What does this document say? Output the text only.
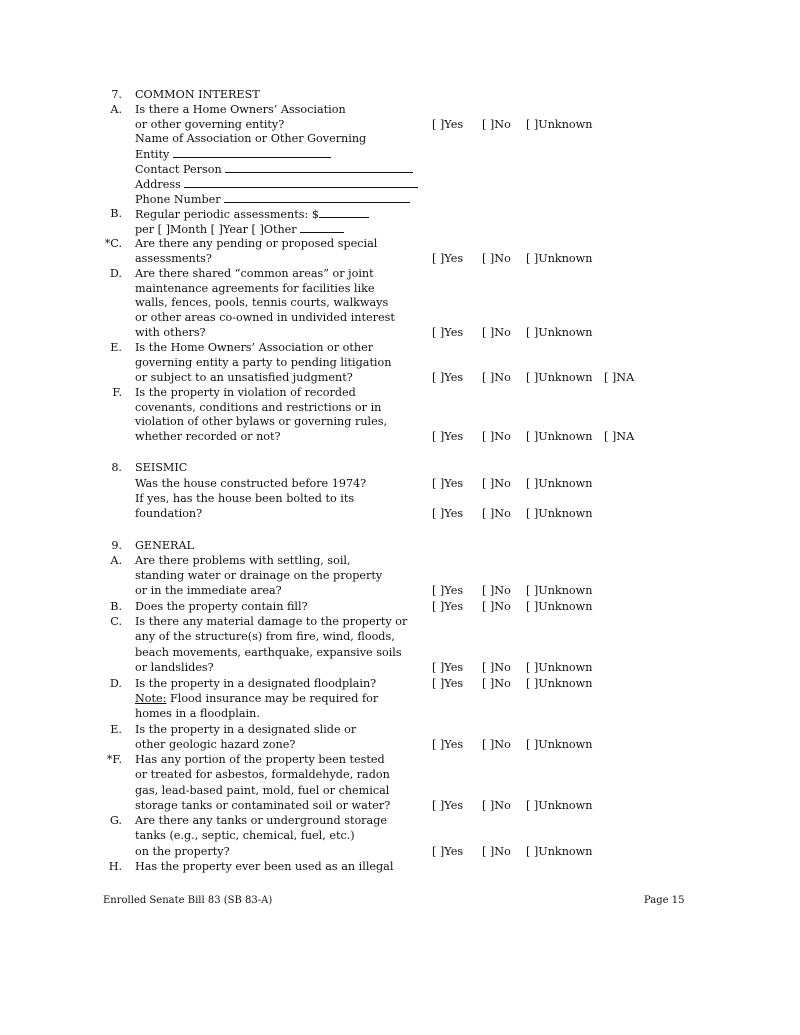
7. COMMON INTEREST
A. Is there a Home Owners’ Association
or other governing entity?	[ ]Yes [ ]No [ ]Unknown
Name of Association or Other Governing
Entity
Contact Person
Address
Phone Number
B. Regular periodic assessments: $
per [ ]Month [ ]Year [ ]Other
*C. Are there any pending or proposed special
assessments?	[ ]Yes [ ]No [ ]Unknown
D. Are there shared “common areas” or joint
maintenance agreements for facilities like
walls, fences, pools, tennis courts, walkways
or other areas co-owned in undivided interest
with others?	[ ]Yes [ ]No [ ]Unknown
E. Is the Home Owners’ Association or other
governing entity a party to pending litigation
or subject to an unsatisfied judgment?	[ ]Yes [ ]No [ ]Unknown [ ]NA
F. Is the property in violation of recorded
covenants, conditions and restrictions or in
violation of other bylaws or governing rules,
whether recorded or not?	[ ]Yes [ ]No [ ]Unknown [ ]NA
8. SEISMIC
Was the house constructed before 1974?	[ ]Yes [ ]No [ ]Unknown
If yes, has the house been bolted to its
foundation?	[ ]Yes [ ]No [ ]Unknown
9. GENERAL
A. Are there problems with settling, soil,
standing water or drainage on the property
or in the immediate area?	[ ]Yes [ ]No [ ]Unknown
B. Does the property contain fill?	[ ]Yes [ ]No [ ]Unknown
C. Is there any material damage to the property or
any of the structure(s) from fire, wind, floods,
beach movements, earthquake, expansive soils
or landslides?	[ ]Yes [ ]No [ ]Unknown
D. Is the property in a designated floodplain?	[ ]Yes [ ]No [ ]Unknown
Note: Flood insurance may be required for
homes in a floodplain.
E. Is the property in a designated slide or
other geologic hazard zone?	[ ]Yes [ ]No [ ]Unknown
*F. Has any portion of the property been tested
or treated for asbestos, formaldehyde, radon
gas, lead-based paint, mold, fuel or chemical
storage tanks or contaminated soil or water?	[ ]Yes [ ]No [ ]Unknown
G. Are there any tanks or underground storage
tanks (e.g., septic, chemical, fuel, etc.)
on the property?	[ ]Yes [ ]No [ ]Unknown
H. Has the property ever been used as an illegal
Enrolled Senate Bill 83 (SB 83-A)	Page 15
